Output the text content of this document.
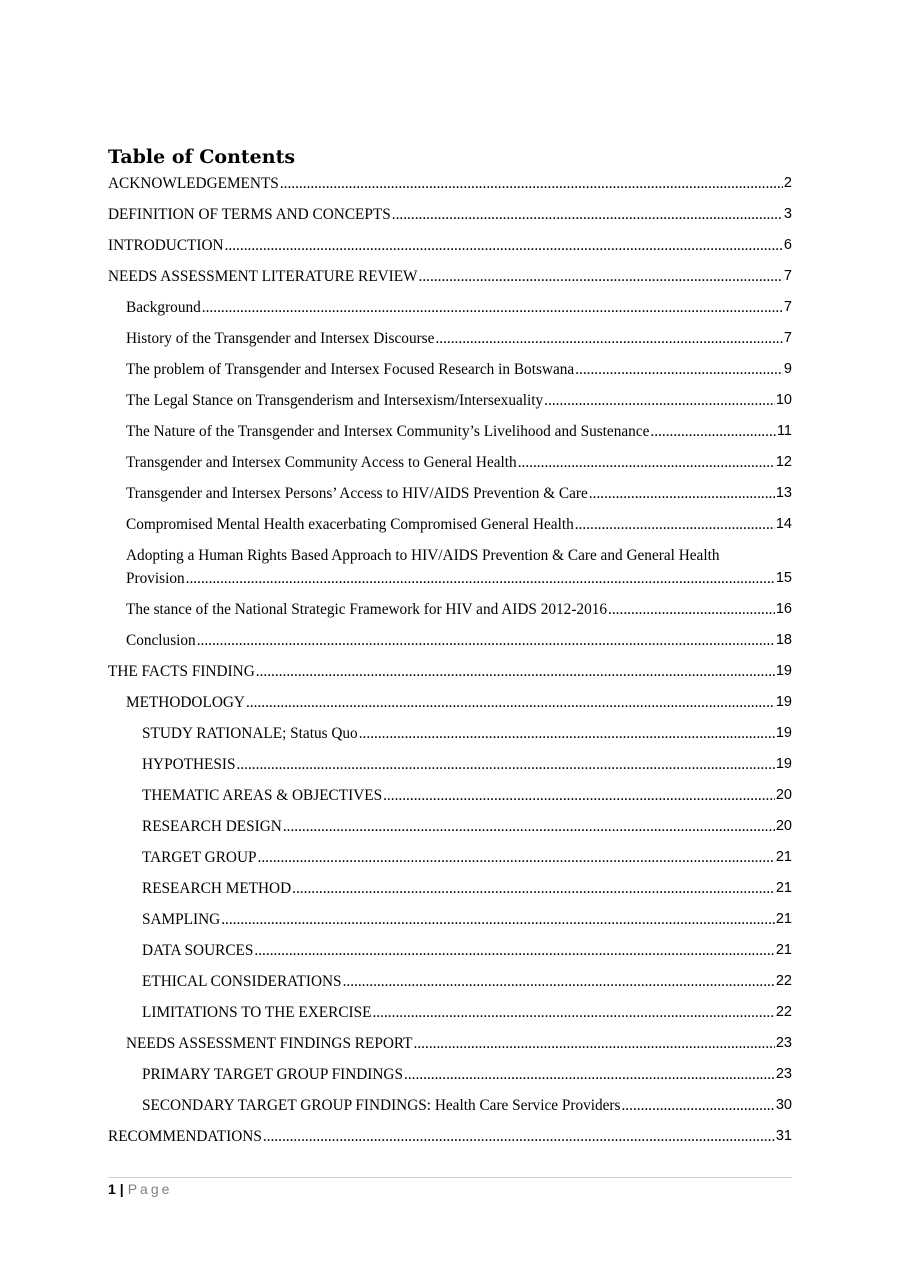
Table of Contents
ACKNOWLEDGEMENTS .....	2
DEFINITION OF TERMS AND CONCEPTS .....	3
INTRODUCTION .....	6
NEEDS ASSESSMENT LITERATURE REVIEW .....	7
Background .....	7
History of the Transgender and Intersex Discourse .....	7
The problem of Transgender and Intersex Focused Research in Botswana .....	9
The Legal Stance on Transgenderism and Intersexism/Intersexuality .....	10
The Nature of the Transgender and Intersex Community’s Livelihood and Sustenance .....	11
Transgender and Intersex Community Access to General Health .....	12
Transgender and Intersex Persons’ Access to HIV/AIDS Prevention & Care .....	13
Compromised Mental Health exacerbating Compromised General Health .....	14
Adopting a Human Rights Based Approach to HIV/AIDS Prevention & Care and General Health
Provision .....	15
The stance of the National Strategic Framework for HIV and AIDS 2012-2016 .....	16
Conclusion .....	18
THE FACTS FINDING .....	19
METHODOLOGY .....	19
STUDY RATIONALE; Status Quo .....	19
HYPOTHESIS .....	19
THEMATIC AREAS & OBJECTIVES .....	20
RESEARCH DESIGN .....	20
TARGET GROUP .....	21
RESEARCH METHOD .....	21
SAMPLING .....	21
DATA SOURCES .....	21
ETHICAL CONSIDERATIONS .....	22
LIMITATIONS TO THE EXERCISE .....	22
NEEDS ASSESSMENT FINDINGS REPORT .....	23
PRIMARY TARGET GROUP FINDINGS .....	23
SECONDARY TARGET GROUP FINDINGS: Health Care Service Providers .....	30
RECOMMENDATIONS .....	31
1 | Page
